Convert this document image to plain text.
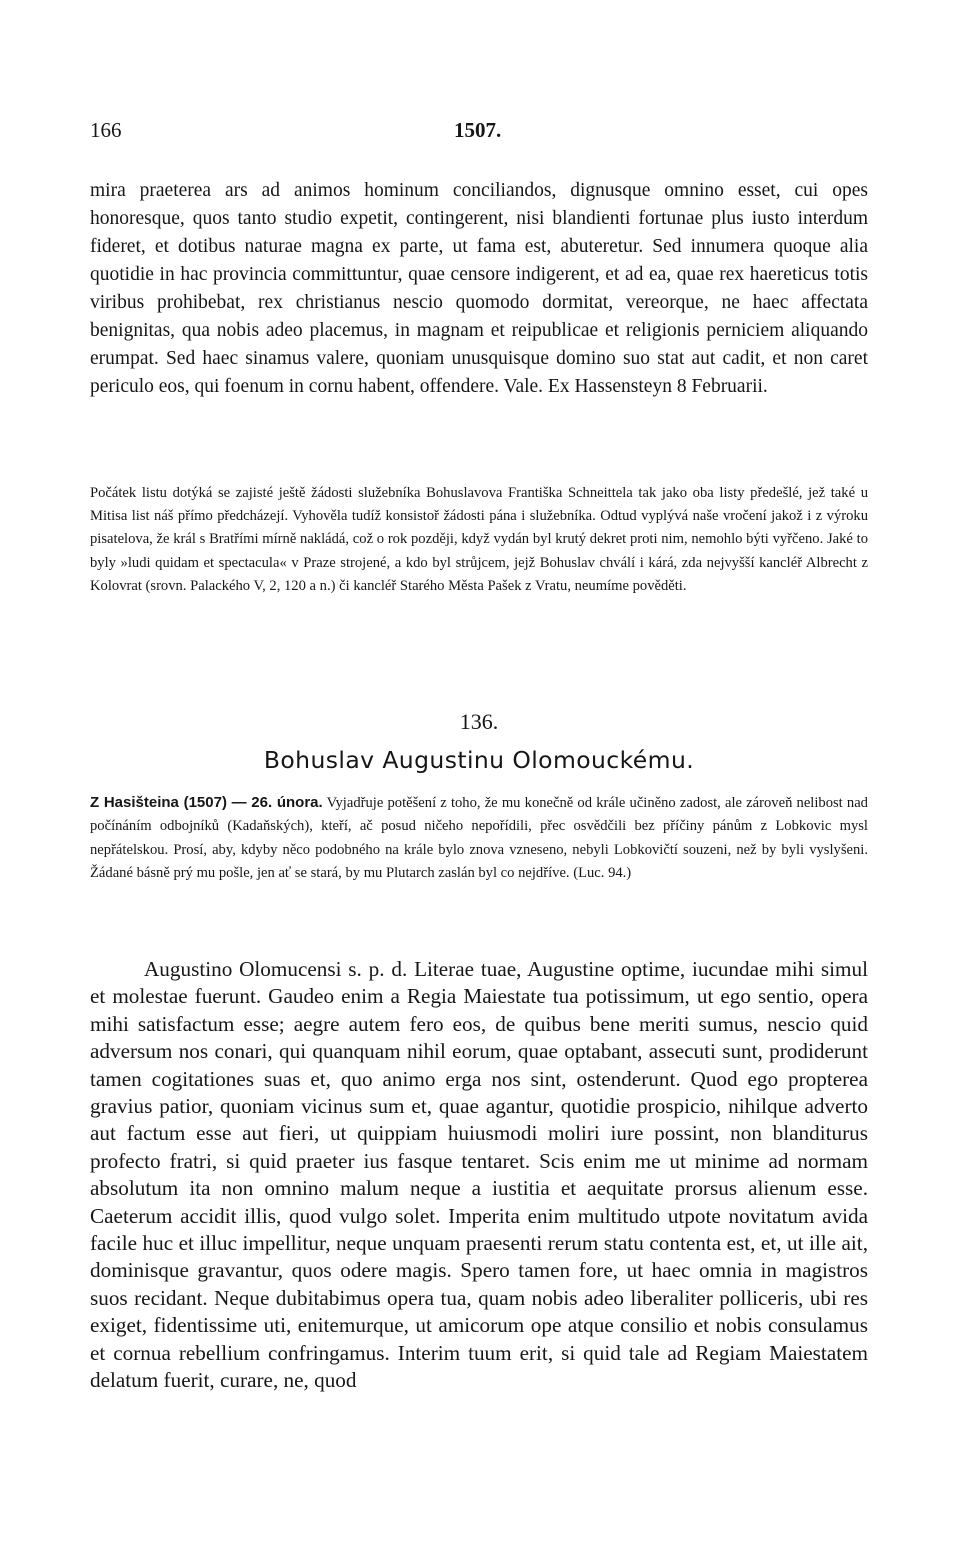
166	1507.

mira praeterea ars ad animos hominum conciliandos, dignusque omnino esset, cui opes honoresque, quos tanto studio expetit, contingerent, nisi blandienti fortunae plus iusto interdum fideret, et dotibus naturae magna ex parte, ut fama est, abuteretur. Sed innumera quoque alia quotidie in hac provincia committuntur, quae censore indigerent, et ad ea, quae rex haereticus totis viribus prohibebat, rex christianus nescio quomodo dormitat, vereorque, ne haec affectata benignitas, qua nobis adeo placemus, in magnam et reipublicae et religionis perniciem aliquando erumpat. Sed haec sinamus valere, quoniam unusquisque domino suo stat aut cadit, et non caret periculo eos, qui foenum in cornu habent, offendere. Vale. Ex Hassensteyn 8 Februarii.

Počátek listu dotýká se zajisté ještě žádosti služebníka Bohuslavova Františka Schneittela tak jako oba listy předešlé, jež také u Mitisa list náš přímo předcházejí. Vyhověla tudíž konsistoř žádosti pána i služebníka. Odtud vyplývá naše vročení jakož i z výroku pisatelova, že král s Bratřími mírně nakládá, což o rok později, když vydán byl krutý dekret proti nim, nemohlo býti vyřčeno. Jaké to byly »ludi quidam et spectacula« v Praze strojené, a kdo byl strůjcem, jejž Bohuslav chválí i kárá, zda nejvyšší kancléř Albrecht z Kolovrat (srovn. Palackého V, 2, 120 a n.) či kancléř Starého Města Pašek z Vratu, neumíme pověděti.

136.

Bohuslav Augustinu Olomouckému.

Z Hasišteina (1507) — 26. února. Vyjadřuje potěšení z toho, že mu konečně od krále učiněno zadost, ale zároveň nelibost nad počínáním odbojníků (Kadaňských), kteří, ač posud ničeho nepořídili, přec osvědčili bez příčiny pánům z Lobkovic mysl nepřátelskou. Prosí, aby, kdyby něco podobného na krále bylo znova vzneseno, nebyli Lobkovičtí souzeni, než by byli vyslyšeni. Žádané básně prý mu pošle, jen ať se stará, by mu Plutarch zaslán byl co nejdříve. (Luc. 94.)

Augustino Olomucensi s. p. d. Literae tuae, Augustine optime, iucundae mihi simul et molestae fuerunt. Gaudeo enim a Regia Maiestate tua potissimum, ut ego sentio, opera mihi satisfactum esse; aegre autem fero eos, de quibus bene meriti sumus, nescio quid adversum nos conari, qui quanquam nihil eorum, quae optabant, assecuti sunt, prodiderunt tamen cogitationes suas et, quo animo erga nos sint, ostenderunt. Quod ego propterea gravius patior, quoniam vicinus sum et, quae agantur, quotidie prospicio, nihilque adverto aut factum esse aut fieri, ut quippiam huiusmodi moliri iure possint, non blanditurus profecto fratri, si quid praeter ius fasque tentaret. Scis enim me ut minime ad normam absolutum ita non omnino malum neque a iustitia et aequitate prorsus alienum esse. Caeterum accidit illis, quod vulgo solet. Imperita enim multitudo utpote novitatum avida facile huc et illuc impellitur, neque unquam praesenti rerum statu contenta est, et, ut ille ait, dominisque gravantur, quos odere magis. Spero tamen fore, ut haec omnia in magistros suos recidant. Neque dubitabimus opera tua, quam nobis adeo liberaliter polliceris, ubi res exiget, fidentissime uti, enitemurque, ut amicorum ope atque consilio et nobis consulamus et cornua rebellium confringamus. Interim tuum erit, si quid tale ad Regiam Maiestatem delatum fuerit, curare, ne, quod
